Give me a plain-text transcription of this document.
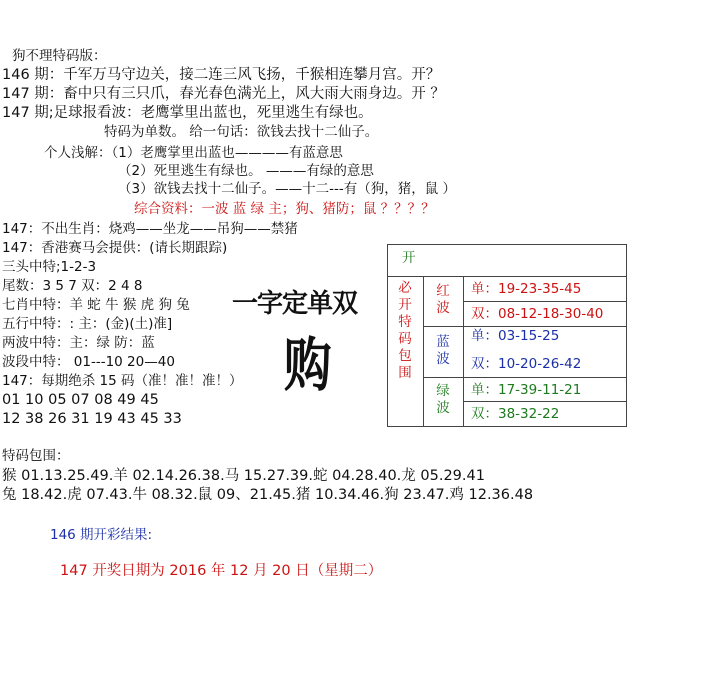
狗不理特码版：
146 期：千军万马守边关，接二连三风飞扬，千猴相连攀月宫。开？
147 期：畜中只有三只爪，春光春色满光上，风大雨大雨身边。开 ？
147 期;足球报看波：老鹰掌里出蓝也，死里逃生有绿也。
特码为单数。 给一句话：欲钱去找十二仙子。
个人浅解：（1）老鹰掌里出蓝也————有蓝意思
（2）死里逃生有绿也。 ———有绿的意思
（3）欲钱去找十二仙子。——十二---有（狗，猪，鼠 ）
综合资料：一波 蓝 绿 主；狗、猪防；鼠 ？？？？
147：不出生肖：烧鸡——坐龙——吊狗——禁猪
147：香港赛马会提供：(请长期跟踪)
三头中特;1-2-3
尾数：3 5 7 双：2 4 8
七肖中特：羊 蛇 牛 猴 虎 狗 兔
五行中特：: 主：(金)(土)准]
两波中特：主：绿 防：蓝
波段中特： 01---10 20—40
147：每期绝杀 15 码（准！准！准！）
01 10 05 07 08 49 45
12 38 26 31 19 43 45 33
一字定单双
购
开
必开特码包围
红波
蓝波
绿波
单：19-23-35-45
双：08-12-18-30-40
单：03-15-25
双：10-20-26-42
单：17-39-11-21
双：38-32-22
特码包围：
猴 01.13.25.49.羊 02.14.26.38.马 15.27.39.蛇 04.28.40.龙 05.29.41
兔 18.42.虎 07.43.牛 08.32.鼠 09、21.45.猪 10.34.46.狗 23.47.鸡 12.36.48
146 期开彩结果:
147 开奖日期为 2016 年 12 月 20 日（星期二）
